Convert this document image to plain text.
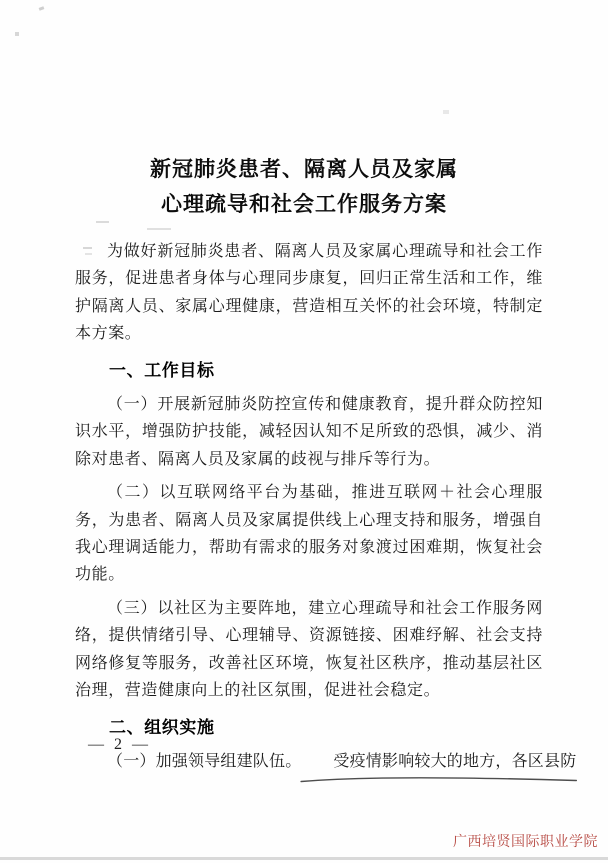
新冠肺炎患者、隔离人员及家属
心理疏导和社会工作服务方案

为做好新冠肺炎患者、隔离人员及家属心理疏导和社会工作服务，促进患者身体与心理同步康复，回归正常生活和工作，维护隔离人员、家属心理健康，营造相互关怀的社会环境，特制定本方案。

一、工作目标

（一）开展新冠肺炎防控宣传和健康教育，提升群众防控知识水平，增强防护技能，减轻因认知不足所致的恐惧，减少、消除对患者、隔离人员及家属的歧视与排斥等行为。

（二）以互联网络平台为基础，推进互联网＋社会心理服务，为患者、隔离人员及家属提供线上心理支持和服务，增强自我心理调适能力，帮助有需求的服务对象渡过困难期，恢复社会功能。

（三）以社区为主要阵地，建立心理疏导和社会工作服务网络，提供情绪引导、心理辅导、资源链接、困难纾解、社会支持网络修复等服务，改善社区环境，恢复社区秩序，推动基层社区治理，营造健康向上的社区氛围，促进社会稳定。

二、组织实施

（一）加强领导组建队伍。 受疫情影响较大的地方，各区县防

— 2 —
广西培贤国际职业学院
